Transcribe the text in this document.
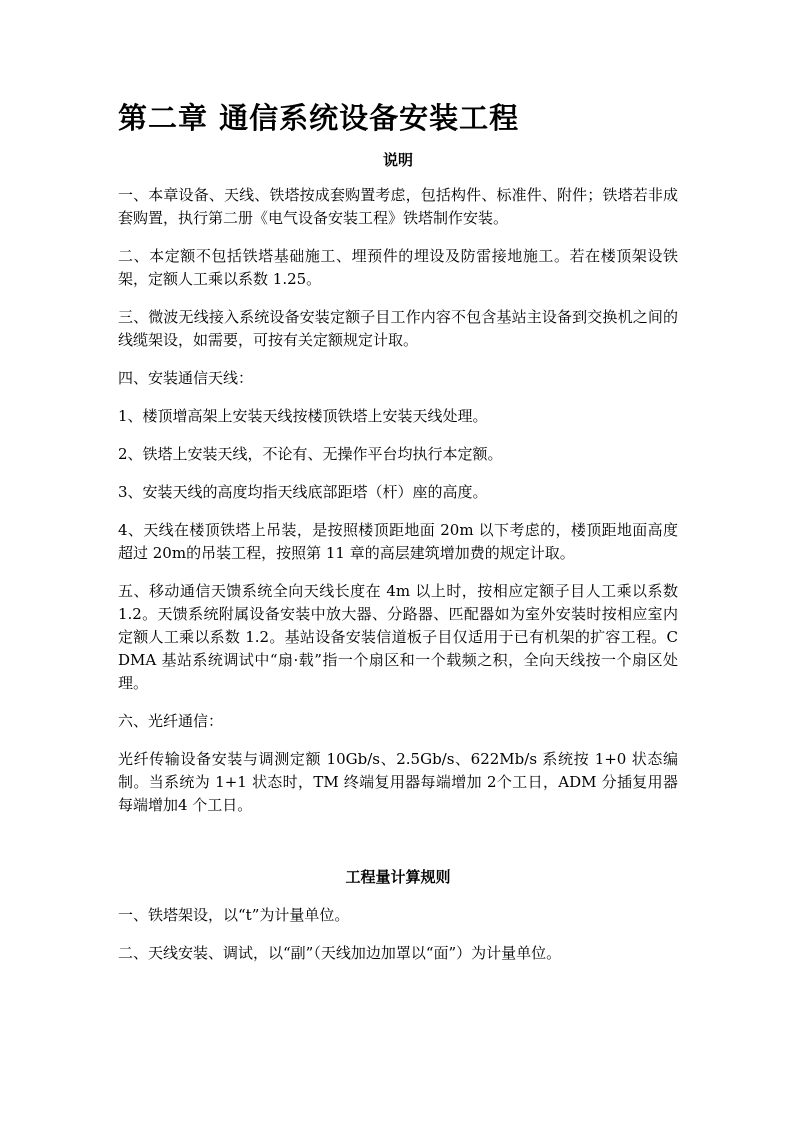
第二章 通信系统设备安装工程
说明

一、本章设备、天线、铁塔按成套购置考虑，包括构件、标准件、附件；铁塔若非成套购置，执行第二册《电气设备安装工程》铁塔制作安装。

二、本定额不包括铁塔基础施工、埋预件的埋设及防雷接地施工。若在楼顶架设铁架，定额人工乘以系数 1.25。

三、微波无线接入系统设备安装定额子目工作内容不包含基站主设备到交换机之间的线缆架设，如需要，可按有关定额规定计取。

四、安装通信天线：

1、楼顶增高架上安装天线按楼顶铁塔上安装天线处理。

2、铁塔上安装天线，不论有、无操作平台均执行本定额。

3、安装天线的高度均指天线底部距塔（杆）座的高度。

4、天线在楼顶铁塔上吊装，是按照楼顶距地面 20m 以下考虑的，楼顶距地面高度超过 20m的吊装工程，按照第 11 章的高层建筑增加费的规定计取。

五、移动通信天馈系统全向天线长度在 4m 以上时，按相应定额子目人工乘以系数 1.2。天馈系统附属设备安装中放大器、分路器、匹配器如为室外安装时按相应室内定额人工乘以系数 1.2。基站设备安装信道板子目仅适用于已有机架的扩容工程。CDMA 基站系统调试中“扇·载”指一个扇区和一个载频之积，全向天线按一个扇区处理。

六、光纤通信：

光纤传输设备安装与调测定额 10Gb/s、2.5Gb/s、622Mb/s 系统按 1+0 状态编制。当系统为 1+1 状态时，TM 终端复用器每端增加 2个工日，ADM 分插复用器每端增加4 个工日。

工程量计算规则

一、铁塔架设，以“t”为计量单位。

二、天线安装、调试，以“副”（天线加边加罩以“面”）为计量单位。
